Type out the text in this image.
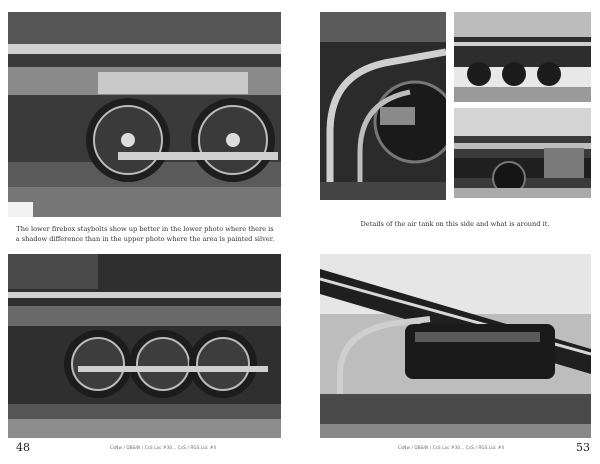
The lower firebox staybolts show up better in the lower photo where there is a shadow difference than in the upper photo where the area is painted silver.
48	CsNw / DB&W / CsS Loc #30... CsS / RGS Loc #4
Details of the air tank on this side and what is around it.
53
CsNw / DB&W / CsS Loc #30... CsS / RGS Loc #4
